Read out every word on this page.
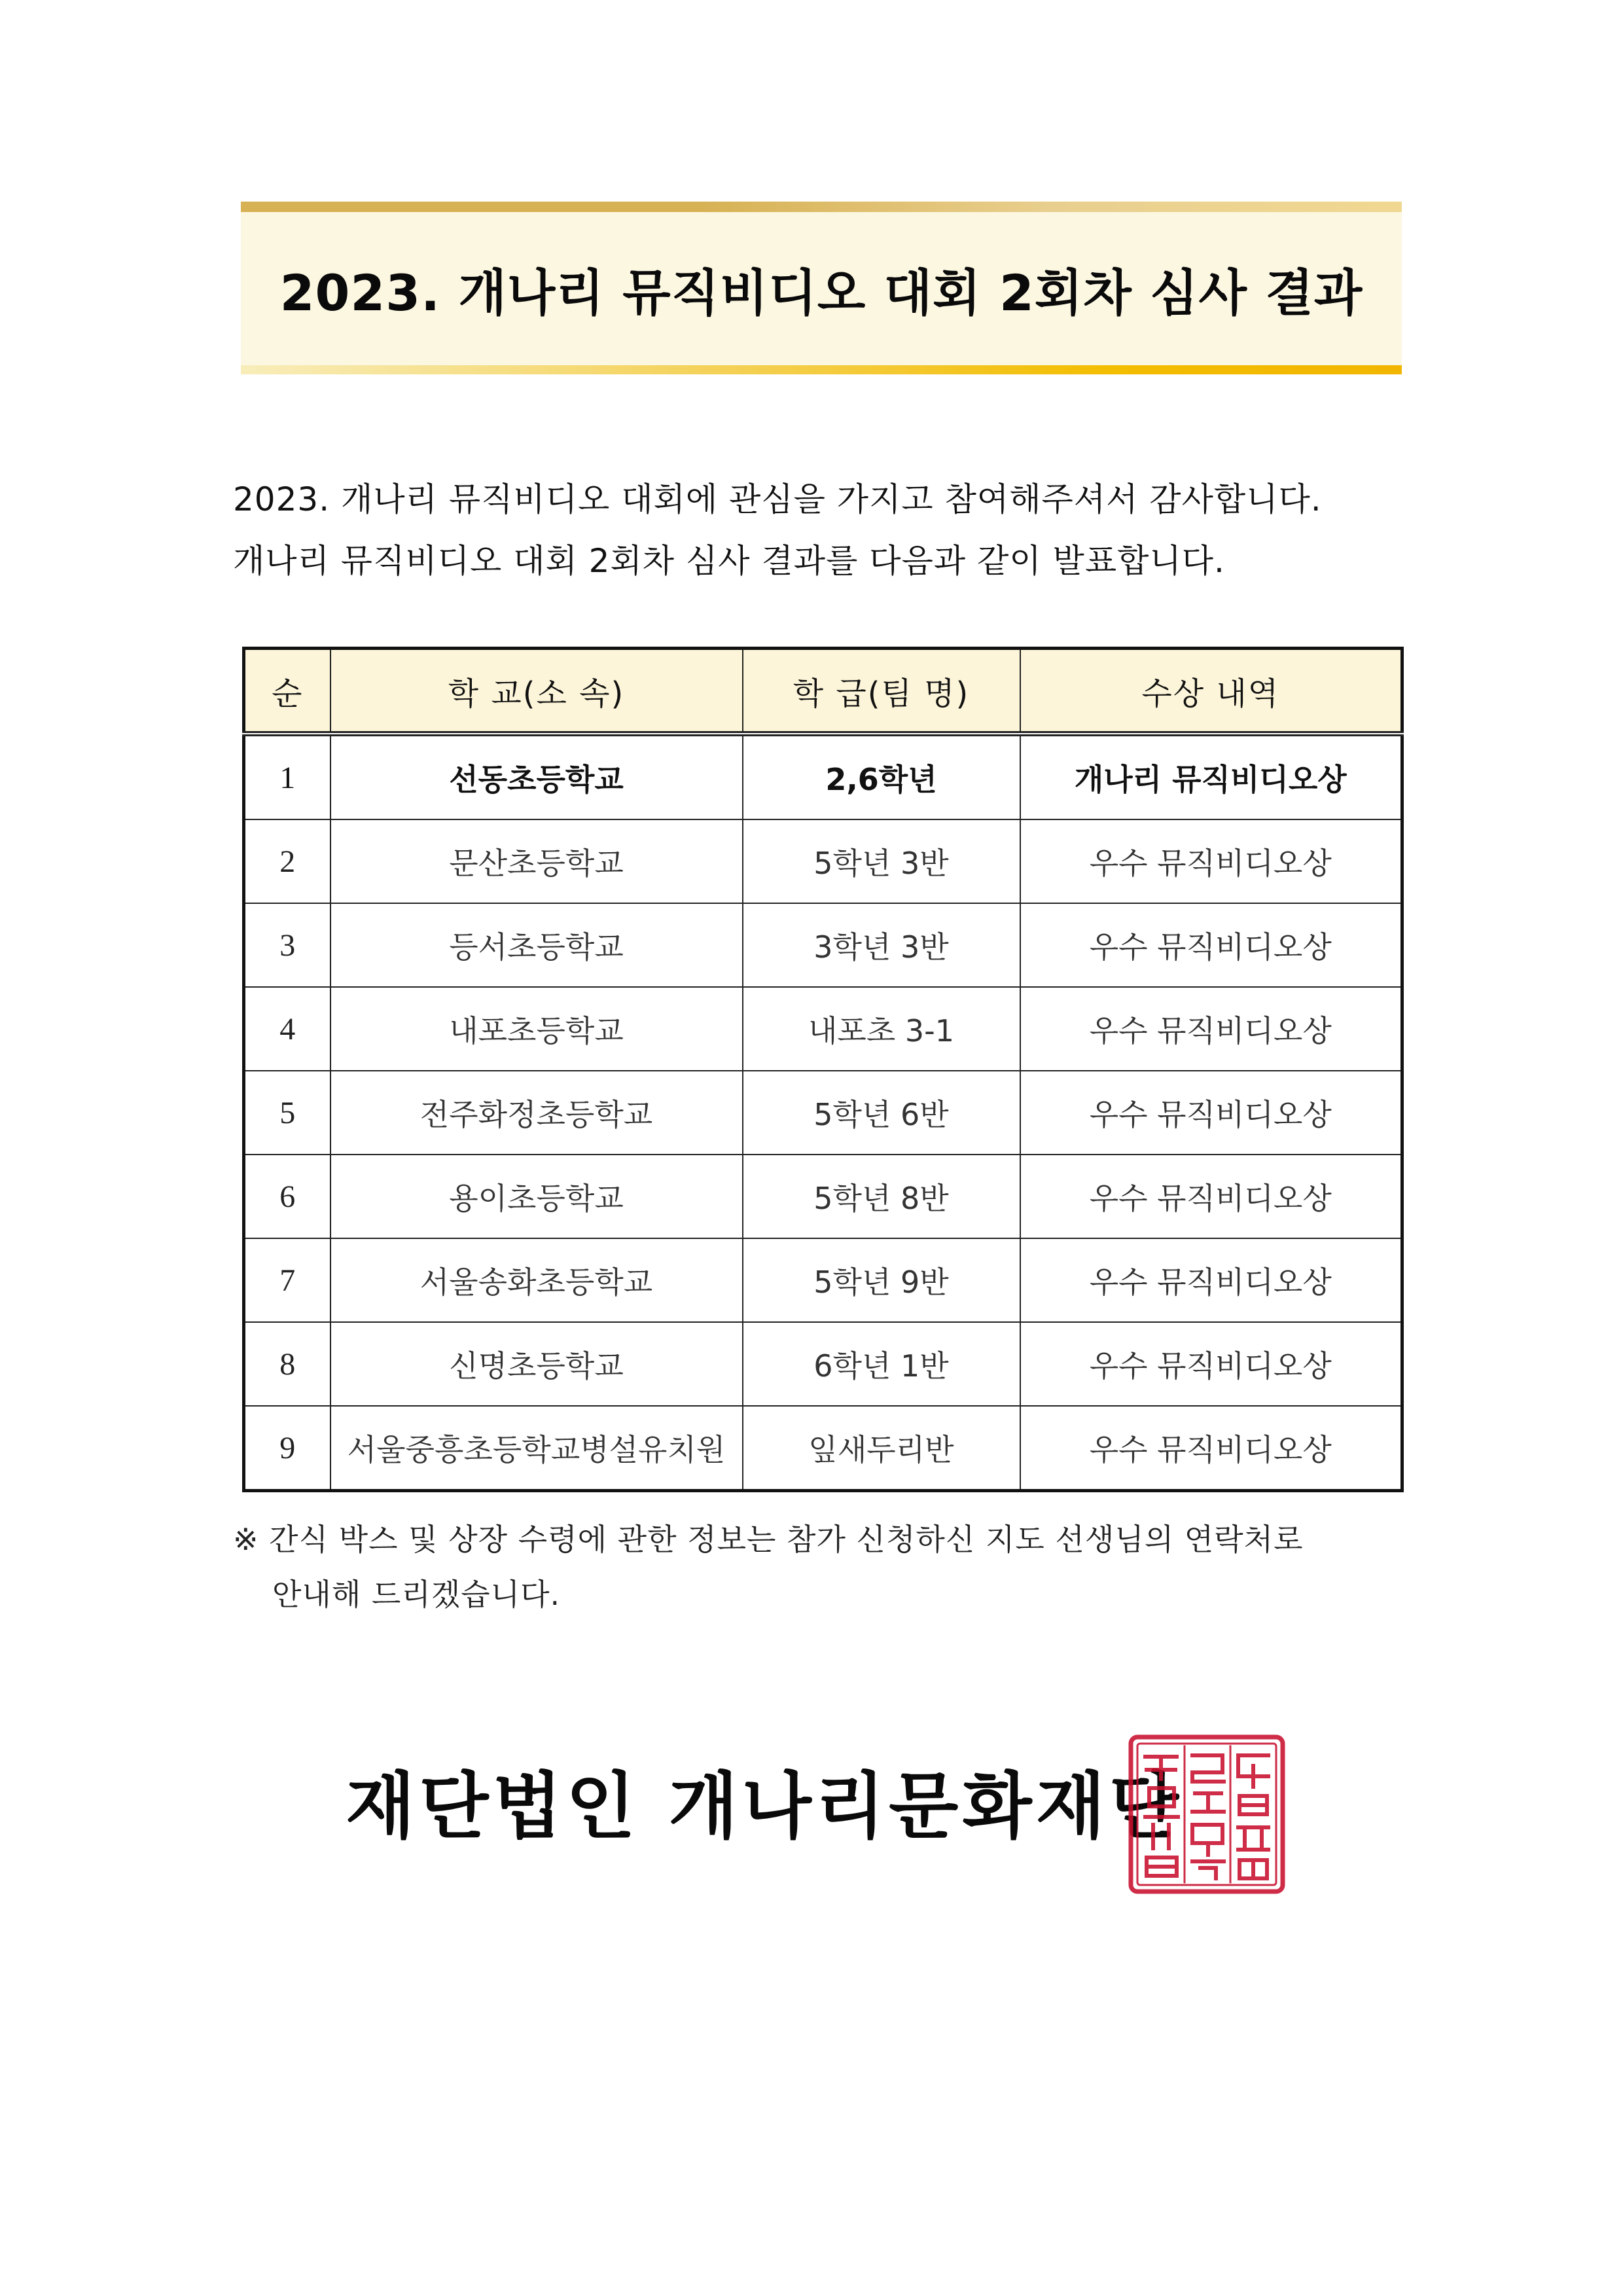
2023. 개나리 뮤직비디오 대회 2회차 심사 결과
2023. 개나리 뮤직비디오 대회에 관심을 가지고 참여해주셔서 감사합니다.
개나리 뮤직비디오 대회 2회차 심사 결과를 다음과 같이 발표합니다.
순	학 교(소 속)	학 급(팀 명)	수상 내역
1	선동초등학교	2,6학년	개나리 뮤직비디오상
2	문산초등학교	5학년 3반	우수 뮤직비디오상
3	등서초등학교	3학년 3반	우수 뮤직비디오상
4	내포초등학교	내포초 3-1	우수 뮤직비디오상
5	전주화정초등학교	5학년 6반	우수 뮤직비디오상
6	용이초등학교	5학년 8반	우수 뮤직비디오상
7	서울송화초등학교	5학년 9반	우수 뮤직비디오상
8	신명초등학교	6학년 1반	우수 뮤직비디오상
9	서울중흥초등학교병설유치원	잎새두리반	우수 뮤직비디오상
※ 간식 박스 및 상장 수령에 관한 정보는 참가 신청하신 지도 선생님의 연락처로
안내해 드리겠습니다.
재단법인 개나리문화재단
